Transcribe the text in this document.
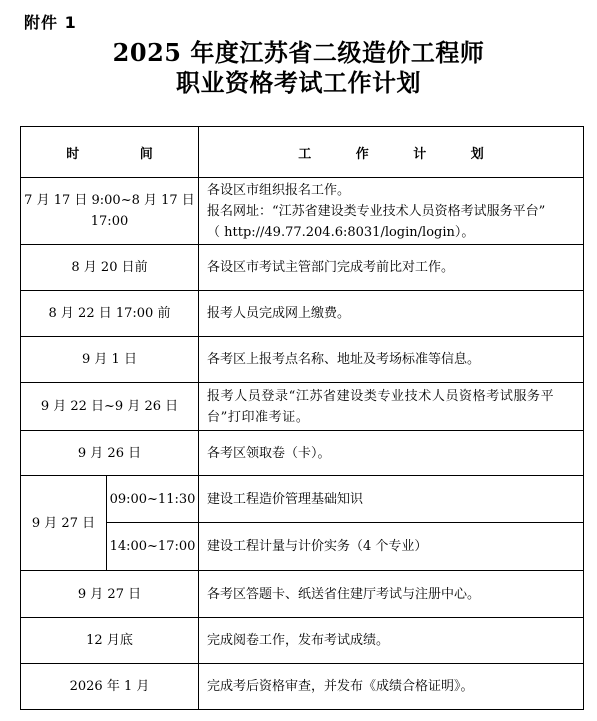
附件 1
2025 年度江苏省二级造价工程师
职业资格考试工作计划
时 间		工 作 计 划

7 月 17 日 9:00~8 月 17 日
17:00		各设区市组织报名工作。
报名网址：“江苏省建设类专业技术人员资格考试服务平台”
（ http://49.77.204.6:8031/login/login）。

8 月 20 日前		各设区市考试主管部门完成考前比对工作。
8 月 22 日 17:00 前		报考人员完成网上缴费。
9 月 1 日		各考区上报考点名称、地址及考场标准等信息。
9 月 22 日~9 月 26 日		报考人员登录“江苏省建设类专业技术人员资格考试服务平台”打印准考证。

9 月 26 日		各考区领取卷（卡）。
9 月 27 日	09:00~11:30	建设工程造价管理基础知识
	14:00~17:00	建设工程计量与计价实务（4 个专业）
9 月 27 日		各考区答题卡、纸送省住建厅考试与注册中心。
12 月底		完成阅卷工作，发布考试成绩。
2026 年 1 月		完成考后资格审查，并发布《成绩合格证明》。
